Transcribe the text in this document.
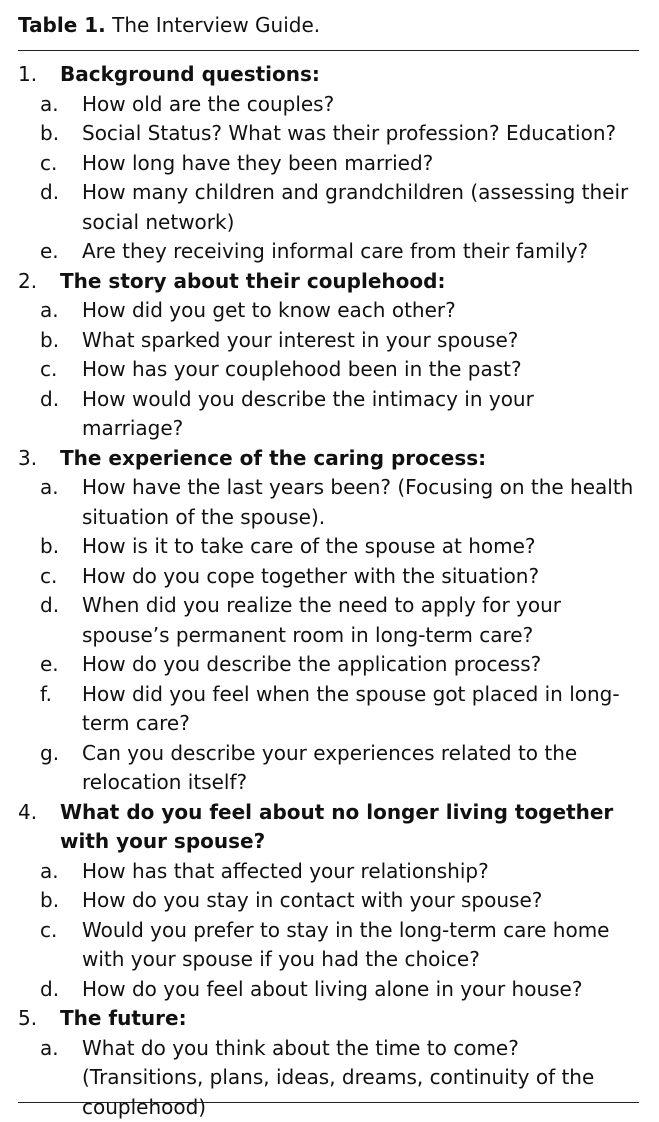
Table 1. The Interview Guide.
1.	Background questions:
a.	How old are the couples?
b.	Social Status? What was their profession? Education?
c.	How long have they been married?
d.	How many children and grandchildren (assessing their social network)
e.	Are they receiving informal care from their family?
2.	The story about their couplehood:
a.	How did you get to know each other?
b.	What sparked your interest in your spouse?
c.	How has your couplehood been in the past?
d.	How would you describe the intimacy in your marriage?
3.	The experience of the caring process:
a.	How have the last years been? (Focusing on the health situation of the spouse).
b.	How is it to take care of the spouse at home?
c.	How do you cope together with the situation?
d.	When did you realize the need to apply for your spouse’s permanent room in long-term care?
e.	How do you describe the application process?
f.	How did you feel when the spouse got placed in long-term care?
g.	Can you describe your experiences related to the relocation itself?
4.	What do you feel about no longer living together with your spouse?
a.	How has that affected your relationship?
b.	How do you stay in contact with your spouse?
c.	Would you prefer to stay in the long-term care home with your spouse if you had the choice?
d.	How do you feel about living alone in your house?
5.	The future:
a.	What do you think about the time to come? (Transitions, plans, ideas, dreams, continuity of the couplehood)
